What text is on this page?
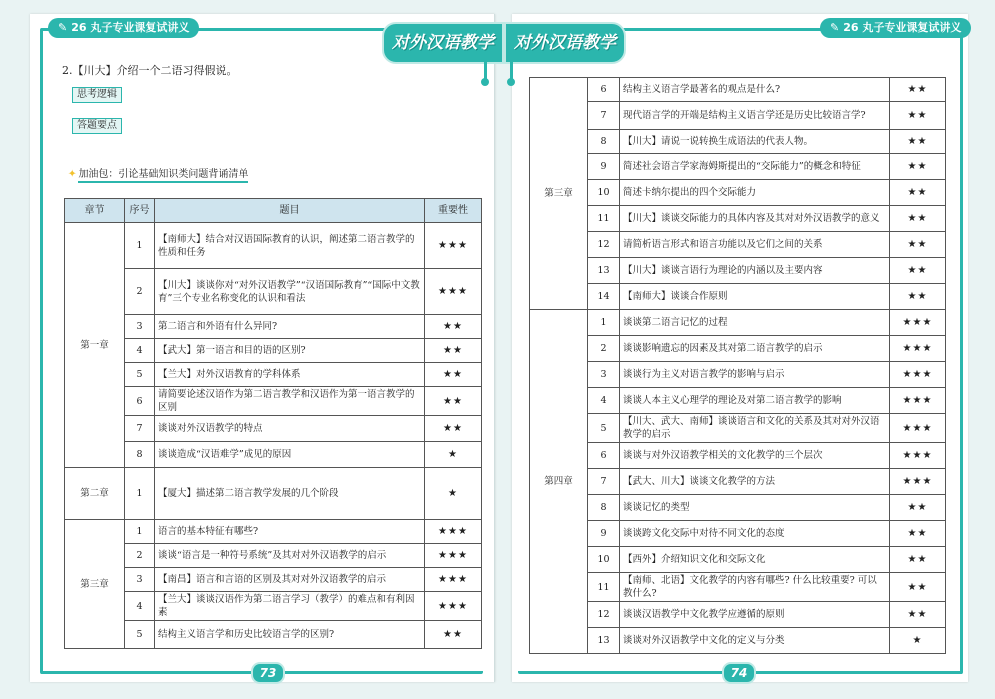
✎ 26 丸子专业课复试讲义	✎ 26 丸子专业课复试讲义
对外汉语教学	对外汉语教学
2.【川大】介绍一个二语习得假说。
思考逻辑
答题要点
✦ 加油包：引论基础知识类问题背诵清单
章节	序号	题目	重要性
第一章	1	【南师大】结合对汉语国际教育的认识，阐述第二语言教学的性质和任务	★★★
	2	【川大】谈谈你对“对外汉语教学”“汉语国际教育”“国际中文教育”三个专业名称变化的认识和看法	★★★
	3	第二语言和外语有什么异同?	★★
	4	【武大】第一语言和目的语的区别?	★★
	5	【兰大】对外汉语教育的学科体系	★★
	6	请简要论述汉语作为第二语言教学和汉语作为第一语言教学的区别	★★
	7	谈谈对外汉语教学的特点	★★
	8	谈谈造成“汉语难学”成见的原因	★
第二章	1	【厦大】描述第二语言教学发展的几个阶段	★
第三章	1	语言的基本特征有哪些?	★★★
	2	谈谈“语言是一种符号系统”及其对对外汉语教学的启示	★★★
	3	【南昌】语言和言语的区别及其对对外汉语教学的启示	★★★
	4	【兰大】谈谈汉语作为第二语言学习（教学）的难点和有利因素	★★★
	5	结构主义语言学和历史比较语言学的区别?	★★
第三章	6	结构主义语言学最著名的观点是什么?	★★
	7	现代语言学的开端是结构主义语言学还是历史比较语言学?	★★
	8	【川大】请说一说转换生成语法的代表人物。	★★
	9	简述社会语言学家海姆斯提出的“交际能力”的概念和特征	★★
	10	简述卡纳尔提出的四个交际能力	★★
	11	【川大】谈谈交际能力的具体内容及其对对外汉语教学的意义	★★
	12	请简析语言形式和语言功能以及它们之间的关系	★★
	13	【川大】谈谈言语行为理论的内涵以及主要内容	★★
	14	【南师大】谈谈合作原则	★★
第四章	1	谈谈第二语言记忆的过程	★★★
	2	谈谈影响遗忘的因素及其对第二语言教学的启示	★★★
	3	谈谈行为主义对语言教学的影响与启示	★★★
	4	谈谈人本主义心理学的理论及对第二语言教学的影响	★★★
	5	【川大、武大、南师】谈谈语言和文化的关系及其对对外汉语教学的启示	★★★
	6	谈谈与对外汉语教学相关的文化教学的三个层次	★★★
	7	【武大、川大】谈谈文化教学的方法	★★★
	8	谈谈记忆的类型	★★
	9	谈谈跨文化交际中对待不同文化的态度	★★
	10	【西外】介绍知识文化和交际文化	★★
	11	【南师、北语】文化教学的内容有哪些? 什么比较重要? 可以教什么?	★★
	12	谈谈汉语教学中文化教学应遵循的原则	★★
	13	谈谈对外汉语教学中文化的定义与分类	★
73	74
